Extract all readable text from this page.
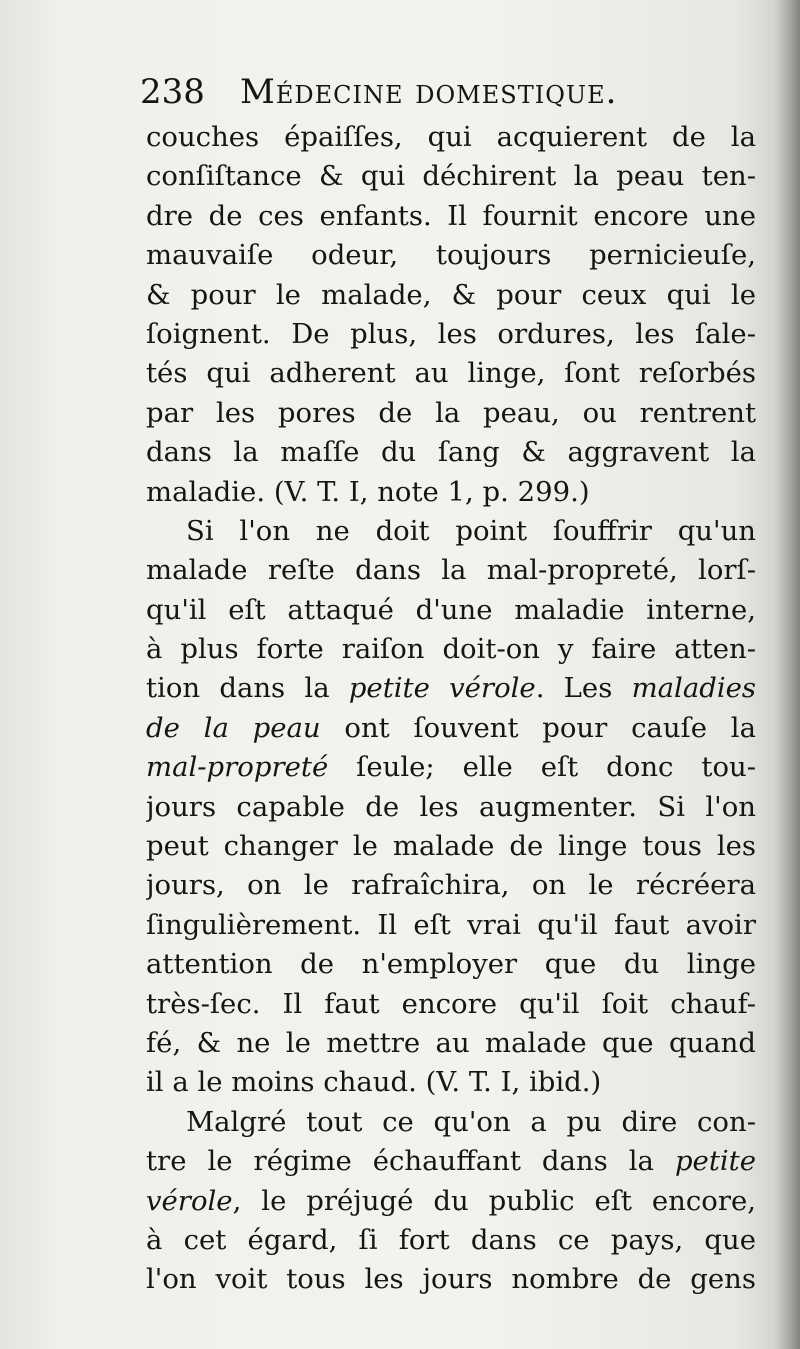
238 Médecine domestique.
couches épaiſſes, qui acquierent de la
conſiſtance & qui déchirent la peau ten-
dre de ces enfants. Il fournit encore une
mauvaiſe odeur, toujours pernicieuſe,
& pour le malade, & pour ceux qui le
ſoignent. De plus, les ordures, les ſale-
tés qui adherent au linge, ſont reſorbés
par les pores de la peau, ou rentrent
dans la maſſe du ſang & aggravent la
maladie. (V. T. I, note 1, p. 299.)
Si l'on ne doit point ſouffrir qu'un
malade reſte dans la mal-propreté, lorſ-
qu'il eſt attaqué d'une maladie interne,
à plus forte raiſon doit-on y faire atten-
tion dans la petite vérole. Les maladies
de la peau ont ſouvent pour cauſe la
mal-propreté ſeule; elle eſt donc tou-
jours capable de les augmenter. Si l'on
peut changer le malade de linge tous les
jours, on le rafraîchira, on le récréera
ſingulièrement. Il eſt vrai qu'il faut avoir
attention de n'employer que du linge
très-ſec. Il faut encore qu'il ſoit chauf-
fé, & ne le mettre au malade que quand
il a le moins chaud. (V. T. I, ibid.)
Malgré tout ce qu'on a pu dire con-
tre le régime échauffant dans la petite
vérole, le préjugé du public eſt encore,
à cet égard, ſi fort dans ce pays, que
l'on voit tous les jours nombre de gens
